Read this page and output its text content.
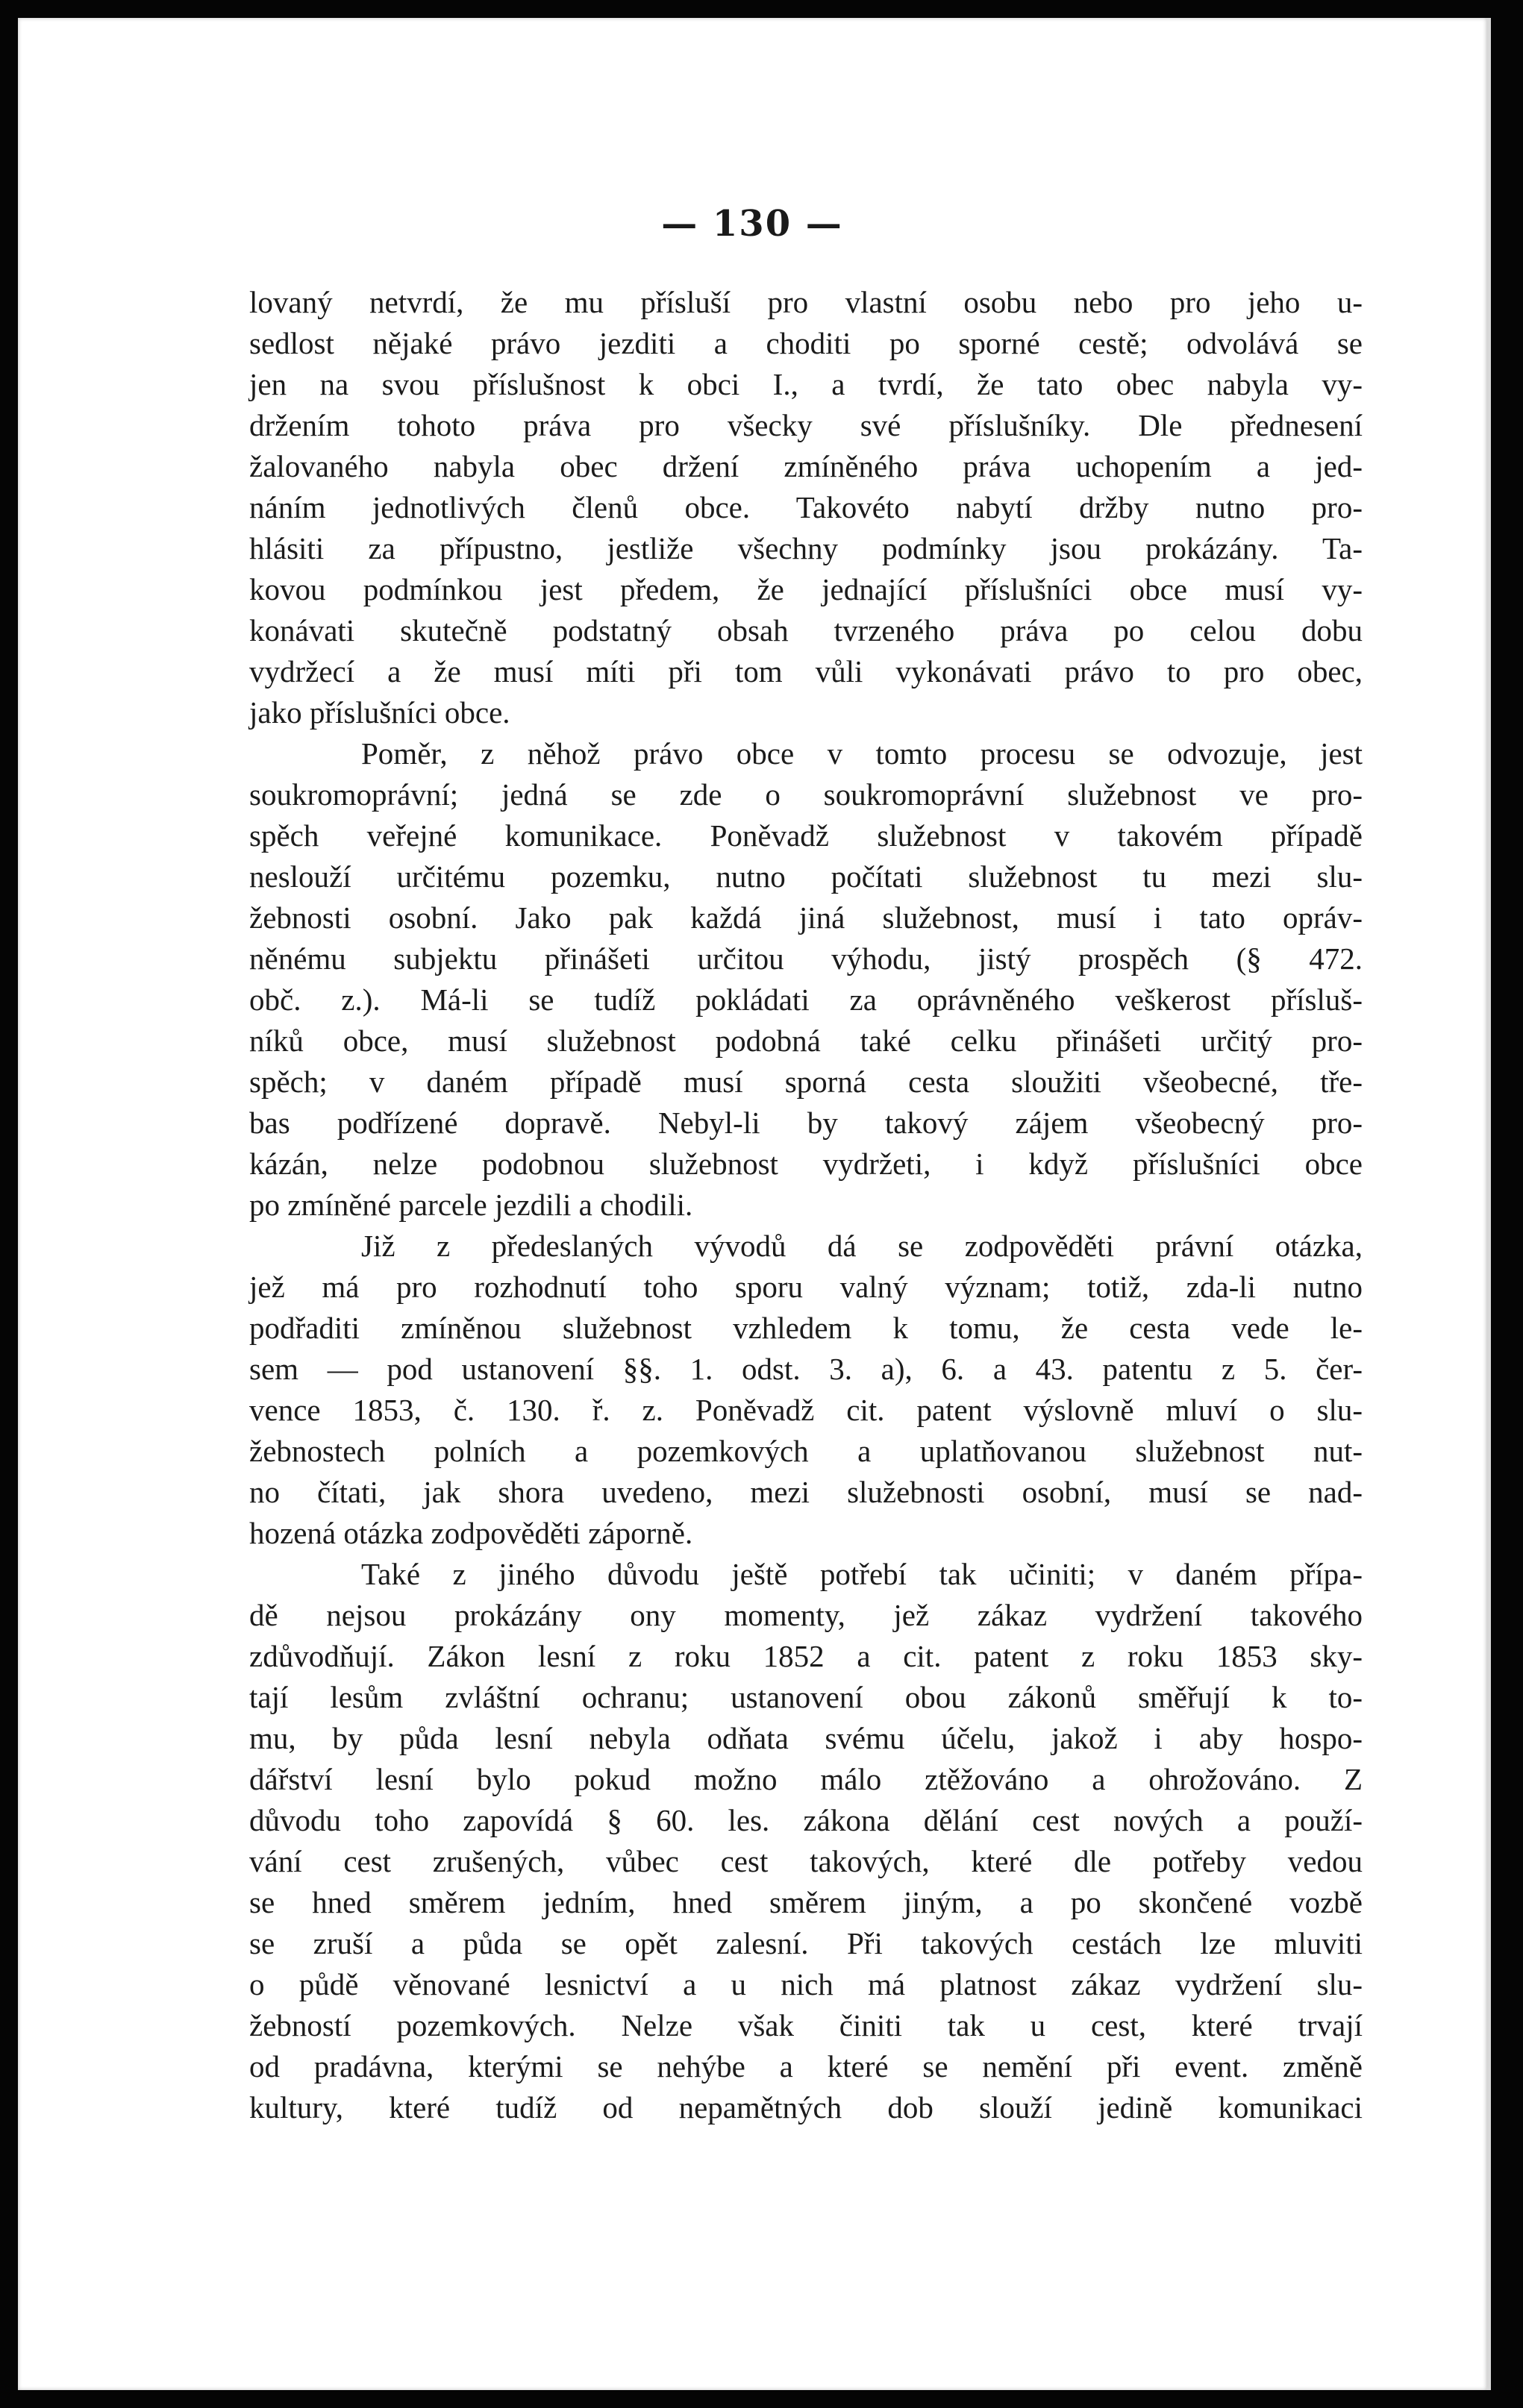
— 130 —
lovaný netvrdí, že mu přísluší pro vlastní osobu nebo pro jeho u-
sedlost nějaké právo jezditi a choditi po sporné cestě; odvolává se
jen na svou příslušnost k obci I., a tvrdí, že tato obec nabyla vy-
držením tohoto práva pro všecky své příslušníky. Dle přednesení
žalovaného nabyla obec držení zmíněného práva uchopením a jed-
náním jednotlivých členů obce. Takovéto nabytí držby nutno pro-
hlásiti za přípustno, jestliže všechny podmínky jsou prokázány. Ta-
kovou podmínkou jest předem, že jednající příslušníci obce musí vy-
konávati skutečně podstatný obsah tvrzeného práva po celou dobu
vydržecí a že musí míti při tom vůli vykonávati právo to pro obec,
jako příslušníci obce.
Poměr, z něhož právo obce v tomto procesu se odvozuje, jest
soukromoprávní; jedná se zde o soukromoprávní služebnost ve pro-
spěch veřejné komunikace. Poněvadž služebnost v takovém případě
neslouží určitému pozemku, nutno počítati služebnost tu mezi slu-
žebnosti osobní. Jako pak každá jiná služebnost, musí i tato opráv-
něnému subjektu přinášeti určitou výhodu, jistý prospěch (§ 472.
obč. z.). Má-li se tudíž pokládati za oprávněného veškerost přísluš-
níků obce, musí služebnost podobná také celku přinášeti určitý pro-
spěch; v daném případě musí sporná cesta sloužiti všeobecné, tře-
bas podřízené dopravě. Nebyl-li by takový zájem všeobecný pro-
kázán, nelze podobnou služebnost vydržeti, i když příslušníci obce
po zmíněné parcele jezdili a chodili.
Již z předeslaných vývodů dá se zodpověděti právní otázka,
jež má pro rozhodnutí toho sporu valný význam; totiž, zda-li nutno
podřaditi zmíněnou služebnost vzhledem k tomu, že cesta vede le-
sem — pod ustanovení §§. 1. odst. 3. a), 6. a 43. patentu z 5. čer-
vence 1853, č. 130. ř. z. Poněvadž cit. patent výslovně mluví o slu-
žebnostech polních a pozemkových a uplatňovanou služebnost nut-
no čítati, jak shora uvedeno, mezi služebnosti osobní, musí se nad-
hozená otázka zodpověděti záporně.
Také z jiného důvodu ještě potřebí tak učiniti; v daném přípa-
dě nejsou prokázány ony momenty, jež zákaz vydržení takového
zdůvodňují. Zákon lesní z roku 1852 a cit. patent z roku 1853 sky-
tají lesům zvláštní ochranu; ustanovení obou zákonů směřují k to-
mu, by půda lesní nebyla odňata svému účelu, jakož i aby hospo-
dářství lesní bylo pokud možno málo ztěžováno a ohrožováno. Z
důvodu toho zapovídá § 60. les. zákona dělání cest nových a použí-
vání cest zrušených, vůbec cest takových, které dle potřeby vedou
se hned směrem jedním, hned směrem jiným, a po skončené vozbě
se zruší a půda se opět zalesní. Při takových cestách lze mluviti
o půdě věnované lesnictví a u nich má platnost zákaz vydržení slu-
žebností pozemkových. Nelze však činiti tak u cest, které trvají
od pradávna, kterými se nehýbe a které se nemění při event. změně
kultury, které tudíž od nepamětných dob slouží jedině komunikaci
